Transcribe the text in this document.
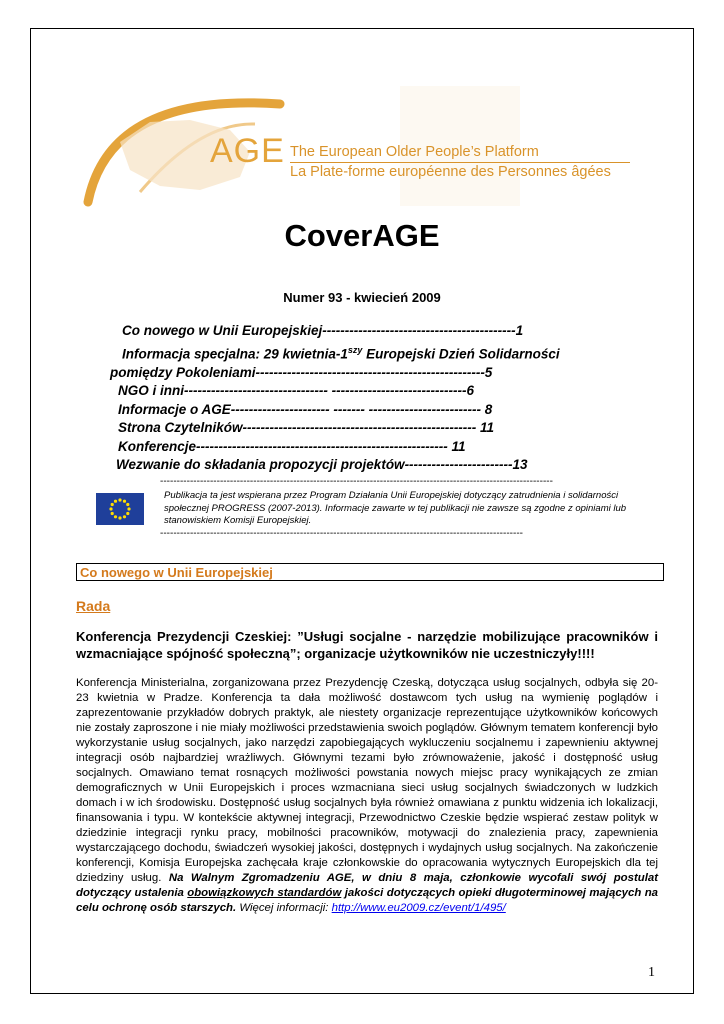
AGE The European Older People’s Platform
La Plate-forme européenne des Personnes âgées
CoverAGE
Numer 93 - kwiecień 2009
Co nowego w Unii Europejskiej-------------------------------------------1
Informacja specjalna: 29 kwietnia-$1^{szy}$ Europejski Dzień Solidarności
pomiędzy Pokoleniami---------------------------------------------------5
NGO i inni-------------------------------- ------------------------------6
Informacje o AGE---------------------- ------- ------------------------- 8
Strona Czytelników---------------------------------------------------- 11
Konferencje-------------------------------------------------------- 11
Wezwanie do składania propozycji projektów------------------------13
----------------------------------------------------------------------------------------------------------------------
Publikacja ta jest wspierana przez Program Działania Unii Europejskiej dotyczący zatrudnienia i solidarności społecznej PROGRESS (2007-2013). Informacje zawarte w tej publikacji nie zawsze są zgodne z opiniami lub stanowiskiem Komisji Europejskiej.
-------------------------------------------------------------------------------------------------------------
Co nowego w Unii Europejskiej
Rada
Konferencja Prezydencji Czeskiej: ”Usługi socjalne - narzędzie mobilizujące pracowników i wzmacniające spójność społeczną”; organizacje użytkowników nie uczestniczyły!!!!
Konferencja Ministerialna, zorganizowana przez Prezydencję Czeską, dotycząca usług socjalnych, odbyła się 20-23 kwietnia w Pradze. Konferencja ta dała możliwość dostawcom tych usług na wymienię poglądów i zaprezentowanie przykładów dobrych praktyk, ale niestety organizacje reprezentujące użytkowników końcowych nie zostały zaproszone i nie miały możliwości przedstawienia swoich poglądów. Głównym tematem konferencji było wykorzystanie usług socjalnych, jako narzędzi zapobiegających wykluczeniu socjalnemu i zapewnieniu aktywnej integracji osób najbardziej wrażliwych. Głównymi tezami było zrównoważenie, jakość i dostępność usług socjalnych. Omawiano temat rosnących możliwości powstania nowych miejsc pracy wynikających ze zmian demograficznych w Unii Europejskich i proces wzmacniana sieci usług socjalnych świadczonych w ludzkich domach i w ich środowisku. Dostępność usług socjalnych była również omawiana z punktu widzenia ich lokalizacji, finansowania i typu. W kontekście aktywnej integracji, Przewodnictwo Czeskie będzie wspierać zestaw polityk w dziedzinie integracji rynku pracy, mobilności pracowników, motywacji do znalezienia pracy, zapewnienia wystarczającego dochodu, świadczeń wysokiej jakości, dostępnych i wydajnych usług socjalnych. Na zakończenie konferencji, Komisja Europejska zachęcała kraje członkowskie do opracowania wytycznych Europejskich dla tej dziedziny usług. Na Walnym Zgromadzeniu AGE, w dniu 8 maja, członkowie wycofali swój postulat dotyczący ustalenia obowiązkowych standardów jakości dotyczących opieki długoterminowej mających na celu ochronę osób starszych. Więcej informacji: http://www.eu2009.cz/event/1/495/
1
